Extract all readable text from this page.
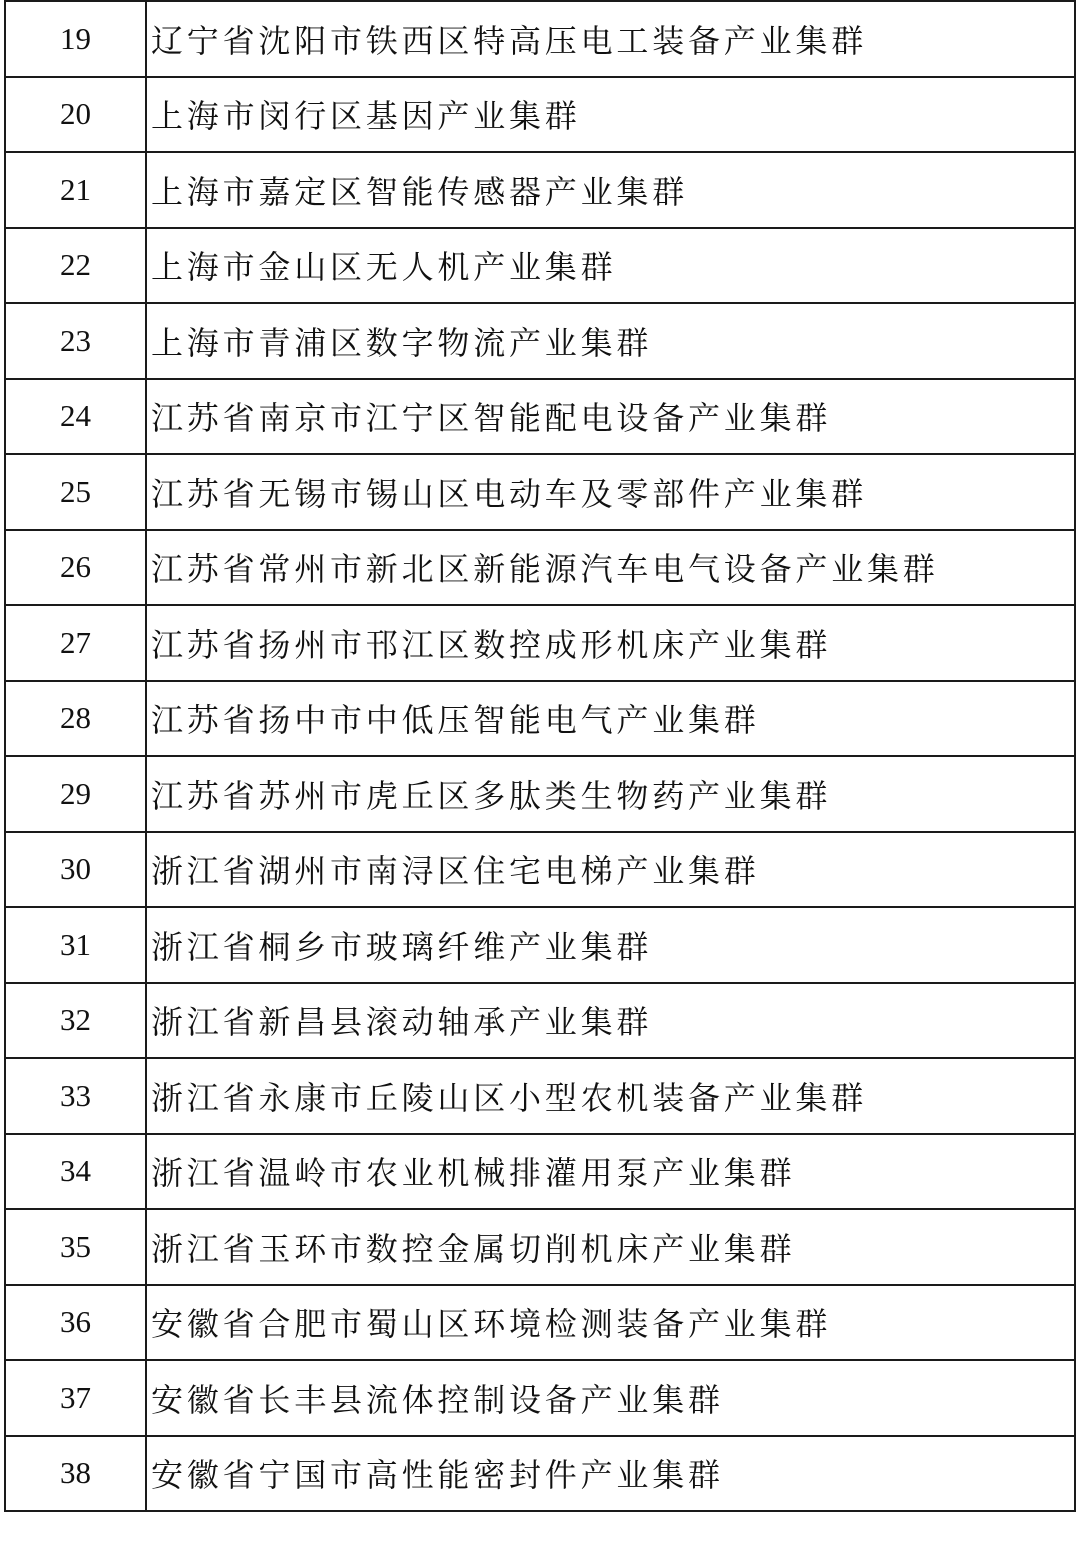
19	辽宁省沈阳市铁西区特高压电工装备产业集群
20	上海市闵行区基因产业集群
21	上海市嘉定区智能传感器产业集群
22	上海市金山区无人机产业集群
23	上海市青浦区数字物流产业集群
24	江苏省南京市江宁区智能配电设备产业集群
25	江苏省无锡市锡山区电动车及零部件产业集群
26	江苏省常州市新北区新能源汽车电气设备产业集群
27	江苏省扬州市邗江区数控成形机床产业集群
28	江苏省扬中市中低压智能电气产业集群
29	江苏省苏州市虎丘区多肽类生物药产业集群
30	浙江省湖州市南浔区住宅电梯产业集群
31	浙江省桐乡市玻璃纤维产业集群
32	浙江省新昌县滚动轴承产业集群
33	浙江省永康市丘陵山区小型农机装备产业集群
34	浙江省温岭市农业机械排灌用泵产业集群
35	浙江省玉环市数控金属切削机床产业集群
36	安徽省合肥市蜀山区环境检测装备产业集群
37	安徽省长丰县流体控制设备产业集群
38	安徽省宁国市高性能密封件产业集群
